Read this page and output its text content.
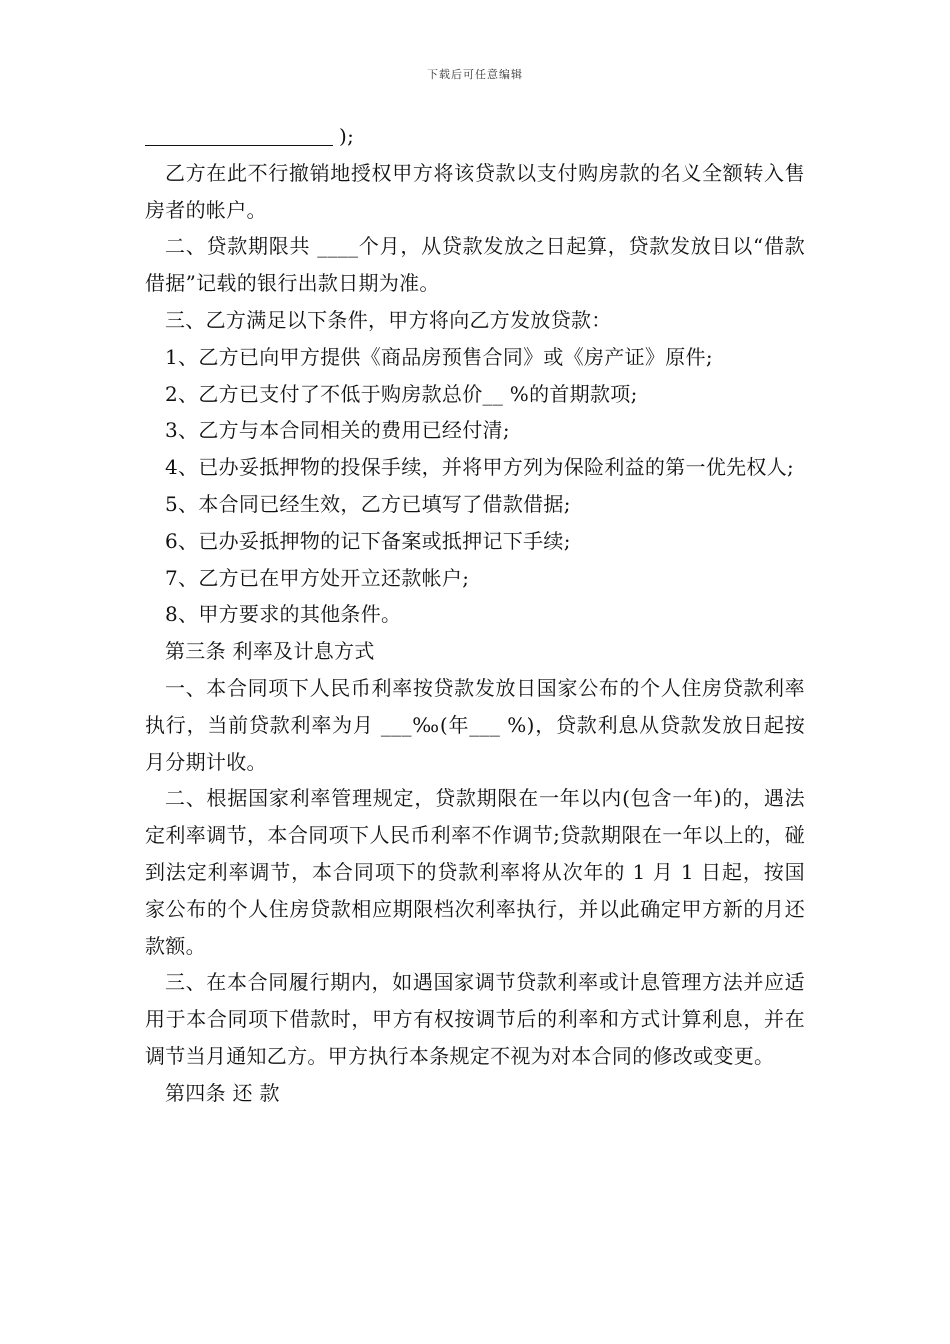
下载后可任意编辑

);

乙方在此不行撤销地授权甲方将该贷款以支付购房款的名义全额转入售房者的帐户。

二、贷款期限共 ____个月，从贷款发放之日起算，贷款发放日以“借款借据”记载的银行出款日期为准。

三、乙方满足以下条件，甲方将向乙方发放贷款：

1、乙方已向甲方提供《商品房预售合同》或《房产证》原件;

2、乙方已支付了不低于购房款总价__ %的首期款项;

3、乙方与本合同相关的费用已经付清;

4、已办妥抵押物的投保手续，并将甲方列为保险利益的第一优先权人;

5、本合同已经生效，乙方已填写了借款借据;

6、已办妥抵押物的记下备案或抵押记下手续;

7、乙方已在甲方处开立还款帐户;

8、甲方要求的其他条件。

第三条 利率及计息方式

一、本合同项下人民币利率按贷款发放日国家公布的个人住房贷款利率执行，当前贷款利率为月 ___‰(年___ %)，贷款利息从贷款发放日起按月分期计收。

二、根据国家利率管理规定，贷款期限在一年以内(包含一年)的，遇法定利率调节，本合同项下人民币利率不作调节;贷款期限在一年以上的，碰到法定利率调节，本合同项下的贷款利率将从次年的 1 月 1 日起，按国家公布的个人住房贷款相应期限档次利率执行，并以此确定甲方新的月还款额。

三、在本合同履行期内，如遇国家调节贷款利率或计息管理方法并应适用于本合同项下借款时，甲方有权按调节后的利率和方式计算利息，并在调节当月通知乙方。甲方执行本条规定不视为对本合同的修改或变更。

第四条 还 款
